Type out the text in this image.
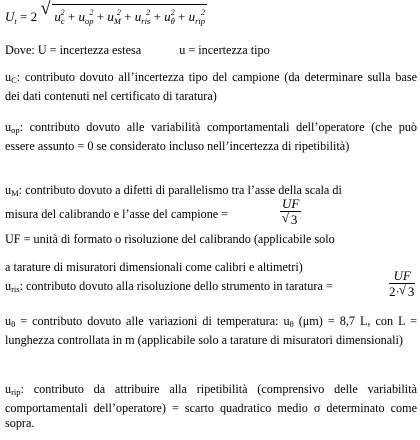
$U_t = 2$ √ $u_c^2 + u_{op}^2 + u_M^2 + u_{ris}^2 + u_\theta^2 + u_{rip}^2$
Dove: U = incertezza estesa	u = incertezza tipo
uC: contributo dovuto all’incertezza tipo del campione (da determinare sulla base dei dati contenuti nel certificato di taratura)
uop: contributo dovuto alle variabilità comportamentali dell’operatore (che può essere assunto = 0 se considerato incluso nell’incertezza di ripetibilità)
uM: contributo dovuto a difetti di parallelismo tra l’asse della scala di
misura del calibrando e l’asse del campione =	$\frac{UF}{√ 3}$
UF = unità di formato o risoluzione del calibrando (applicabile solo
a tarature di misuratori dimensionali come calibri e altimetri)
uris: contributo dovuto alla risoluzione dello strumento in taratura =	$\frac{UF}{2\cdot √ 3}$
uθ = contributo dovuto alle variazioni di temperatura: uθ (μm) = 8,7 L, con L = lunghezza controllata in m (applicabile solo a tarature di misuratori dimensionali)
urip: contributo da attribuire alla ripetibilità (comprensivo delle variabilità comportamentali dell’operatore) = scarto quadratico medio σ determinato come sopra.
